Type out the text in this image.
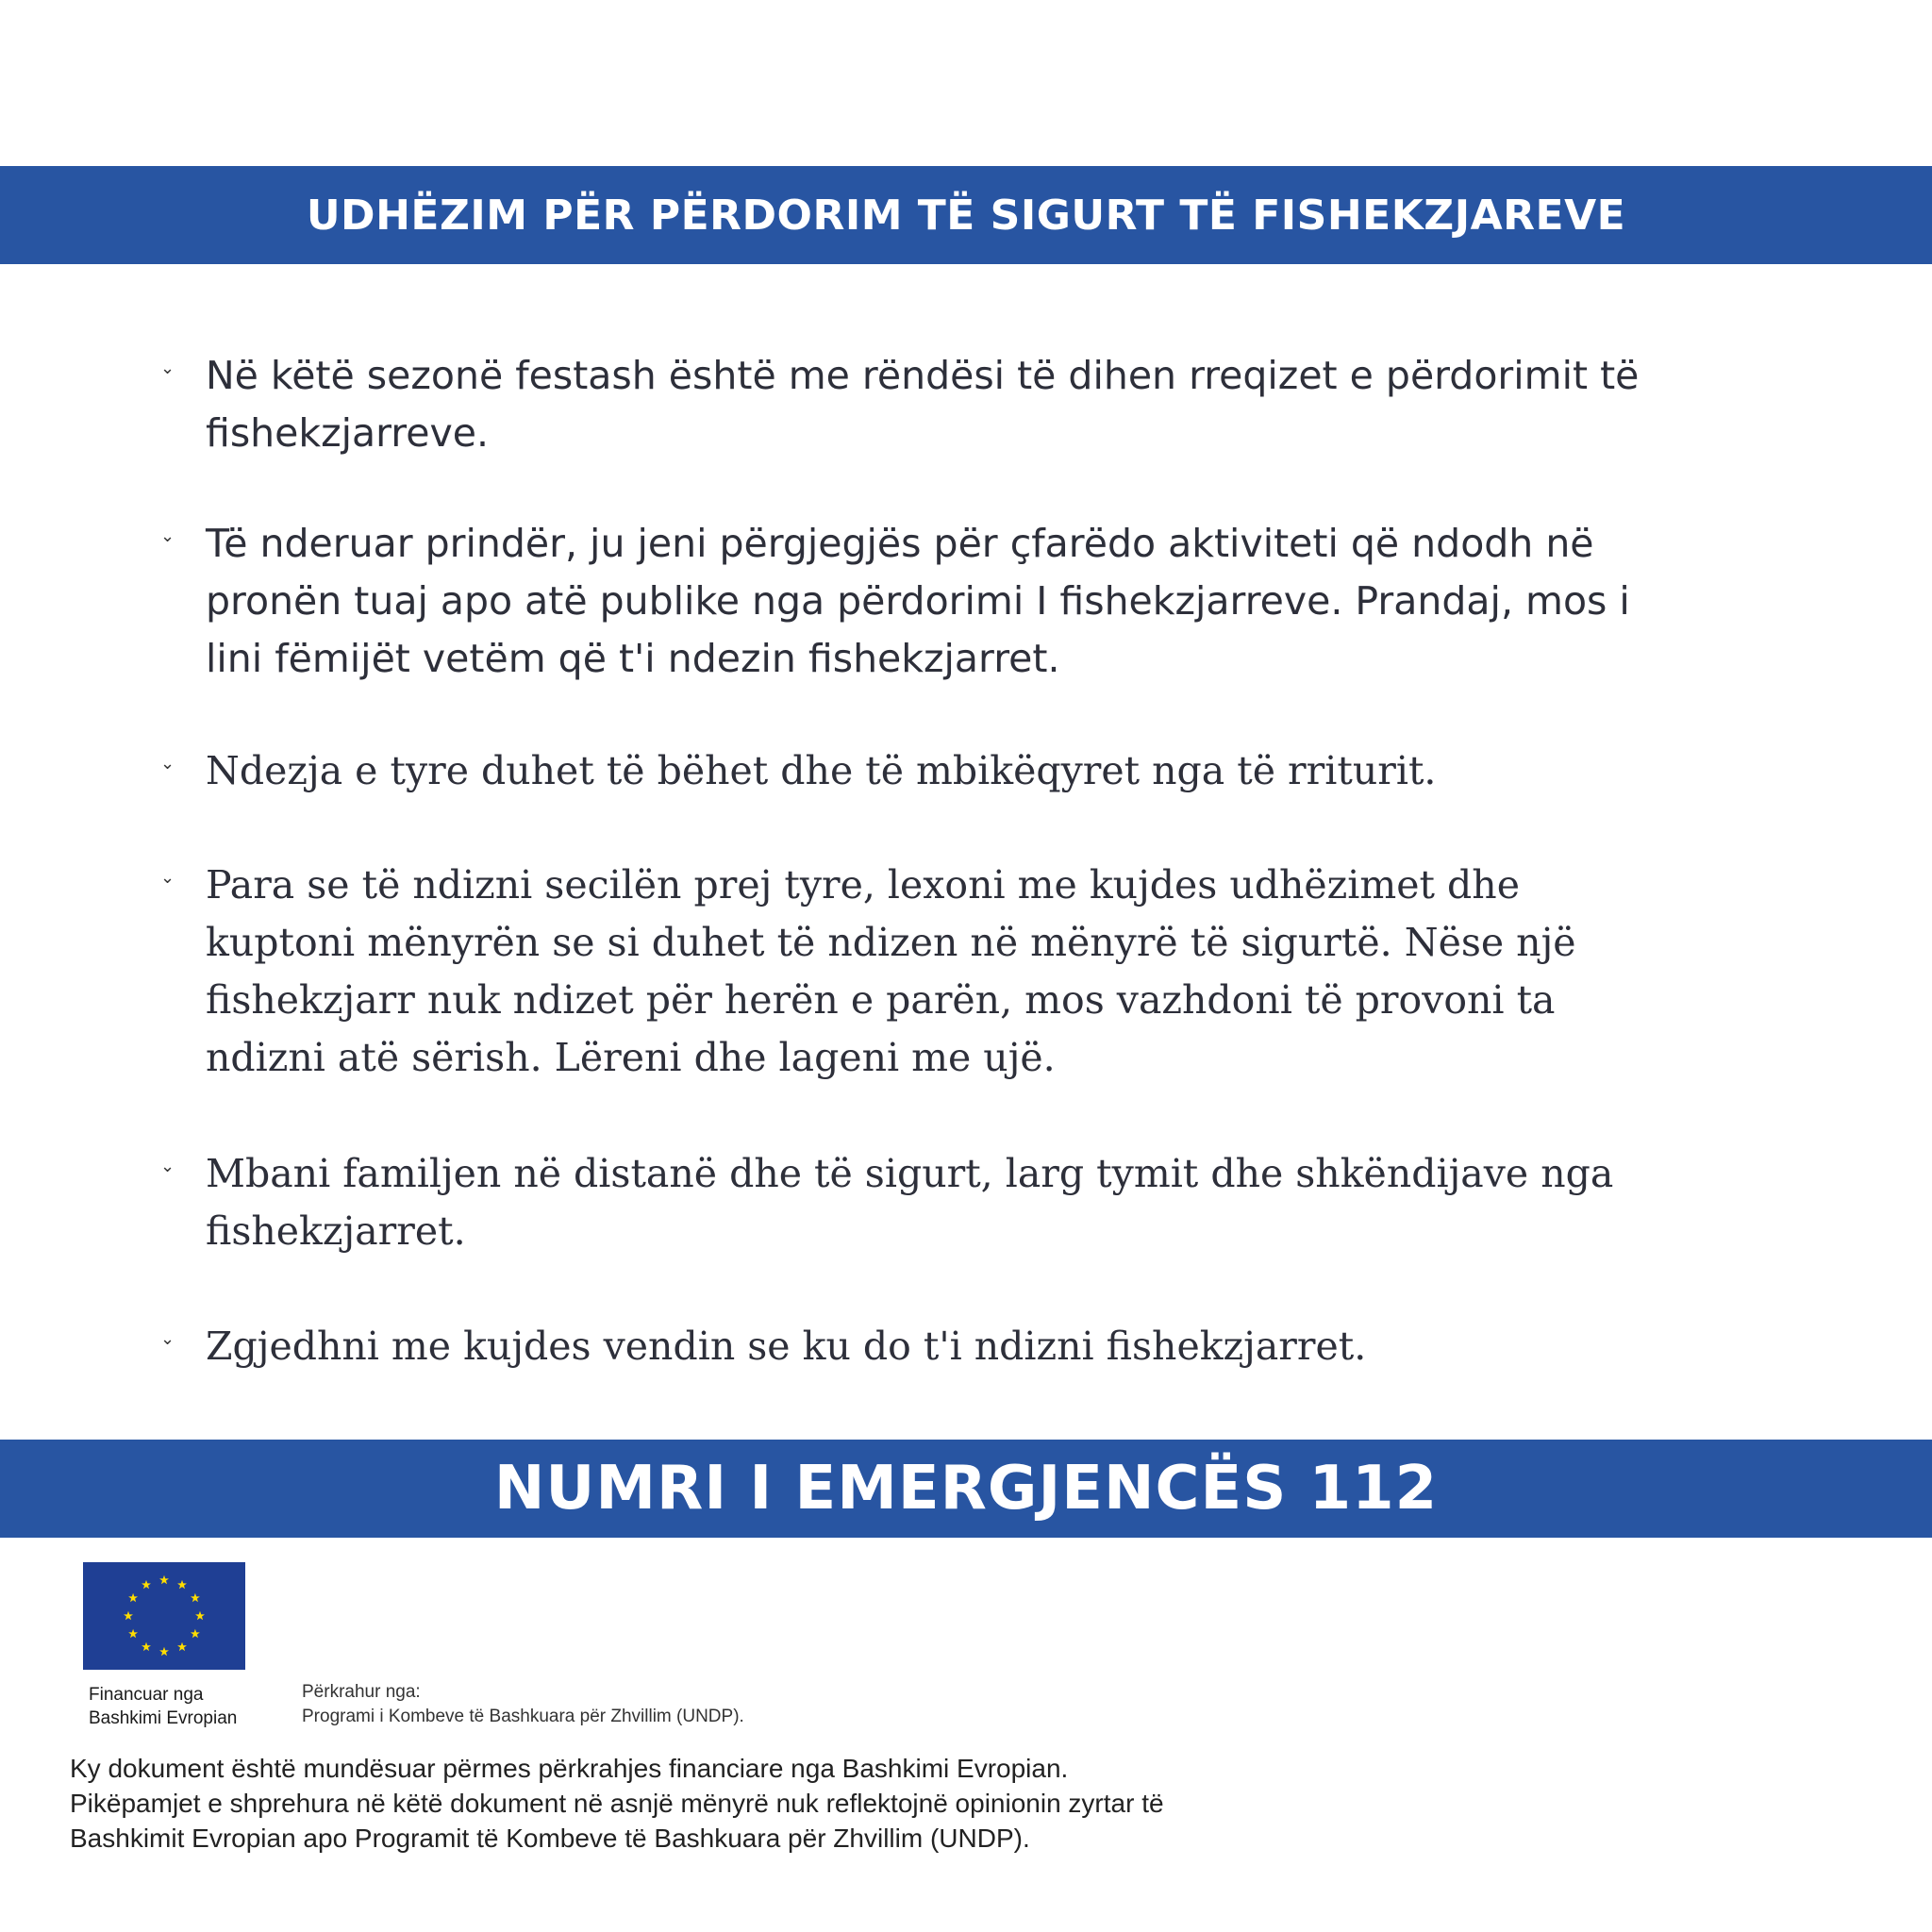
UDHËZIM PËR PËRDORIM TË SIGURT TË FISHEKZJAREVE
⌄ Në këtë sezonë festash është me rëndësi të dihen rreqizet e përdorimit të fishekzjarreve.
⌄ Të nderuar prindër, ju jeni përgjegjës për çfarëdo aktiviteti që ndodh në pronën tuaj apo atë publike nga përdorimi I fishekzjarreve. Prandaj, mos i lini fëmijët vetëm që t'i ndezin fishekzjarret.
⌄ Ndezja e tyre duhet të bëhet dhe të mbikëqyret nga të rriturit.
⌄ Para se të ndizni secilën prej tyre, lexoni me kujdes udhëzimet dhe kuptoni mënyrën se si duhet të ndizen në mënyrë të sigurtë. Nëse një fishekzjarr nuk ndizet për herën e parën, mos vazhdoni të provoni ta ndizni atë sërish. Lëreni dhe lageni me ujë.
⌄ Mbani familjen në distanë dhe të sigurt, larg tymit dhe shkëndijave nga fishekzjarret.
⌄ Zgjedhni me kujdes vendin se ku do t'i ndizni fishekzjarret.
NUMRI I EMERGJENCËS 112
Financuar nga
Bashkimi Evropian
Përkrahur nga:
Programi i Kombeve të Bashkuara për Zhvillim (UNDP).
Ky dokument është mundësuar përmes përkrahjes financiare nga Bashkimi Evropian.
Pikëpamjet e shprehura në këtë dokument në asnjë mënyrë nuk reflektojnë opinionin zyrtar të
Bashkimit Evropian apo Programit të Kombeve të Bashkuara për Zhvillim (UNDP).
